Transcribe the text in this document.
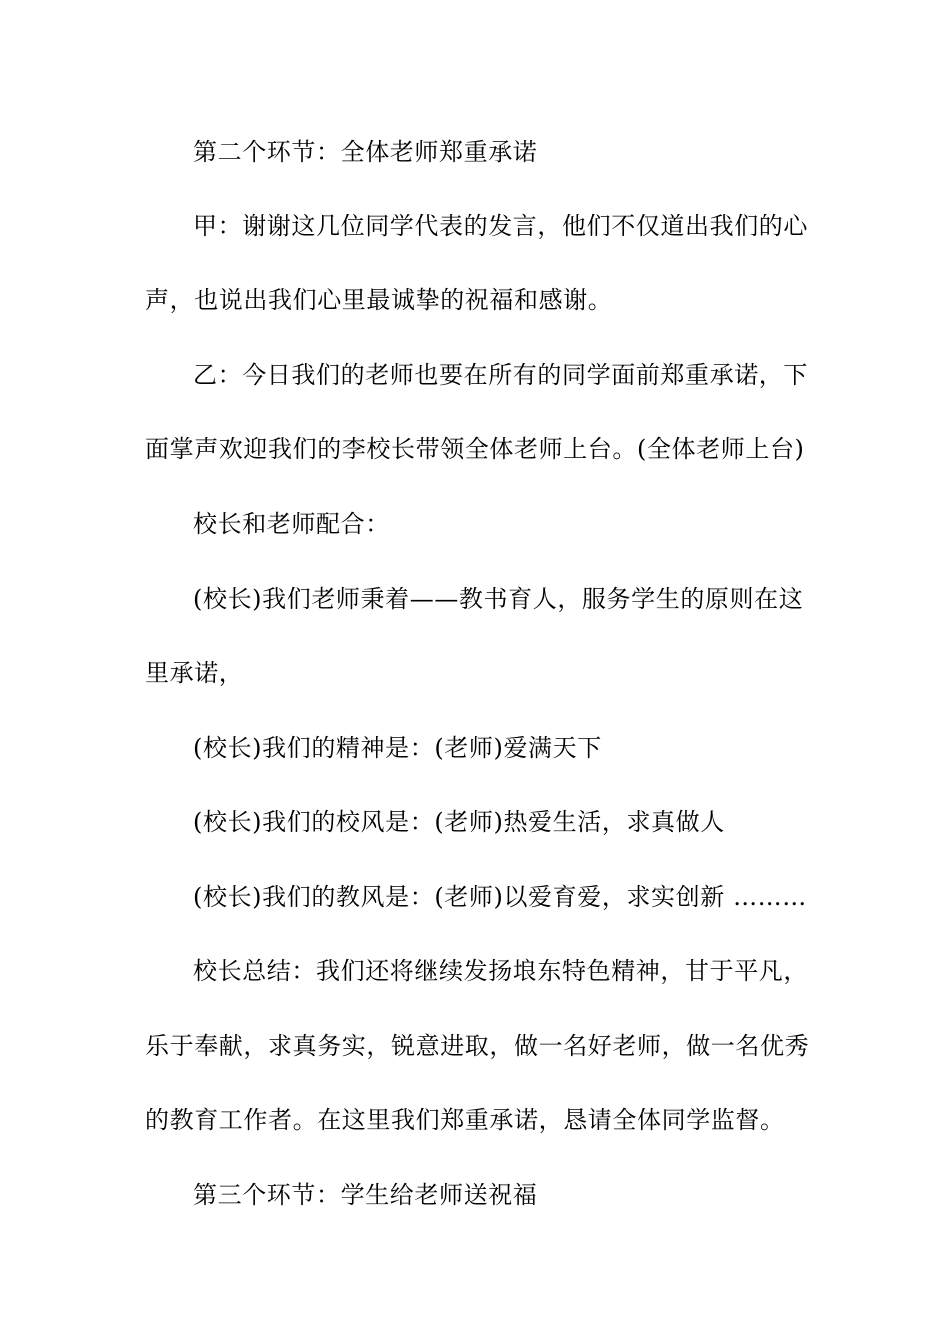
第二个环节：全体老师郑重承诺
甲：谢谢这几位同学代表的发言，他们不仅道出我们的心
声，也说出我们心里最诚挚的祝福和感谢。
乙：今日我们的老师也要在所有的同学面前郑重承诺，下
面掌声欢迎我们的李校长带领全体老师上台。(全体老师上台)
校长和老师配合：
(校长)我们老师秉着——教书育人，服务学生的原则在这
里承诺，
(校长)我们的精神是：(老师)爱满天下
(校长)我们的校风是：(老师)热爱生活，求真做人
(校长)我们的教风是：(老师)以爱育爱，求实创新 ………
校长总结：我们还将继续发扬埌东特色精神，甘于平凡，
乐于奉献，求真务实，锐意进取，做一名好老师，做一名优秀
的教育工作者。在这里我们郑重承诺，恳请全体同学监督。
第三个环节：学生给老师送祝福
